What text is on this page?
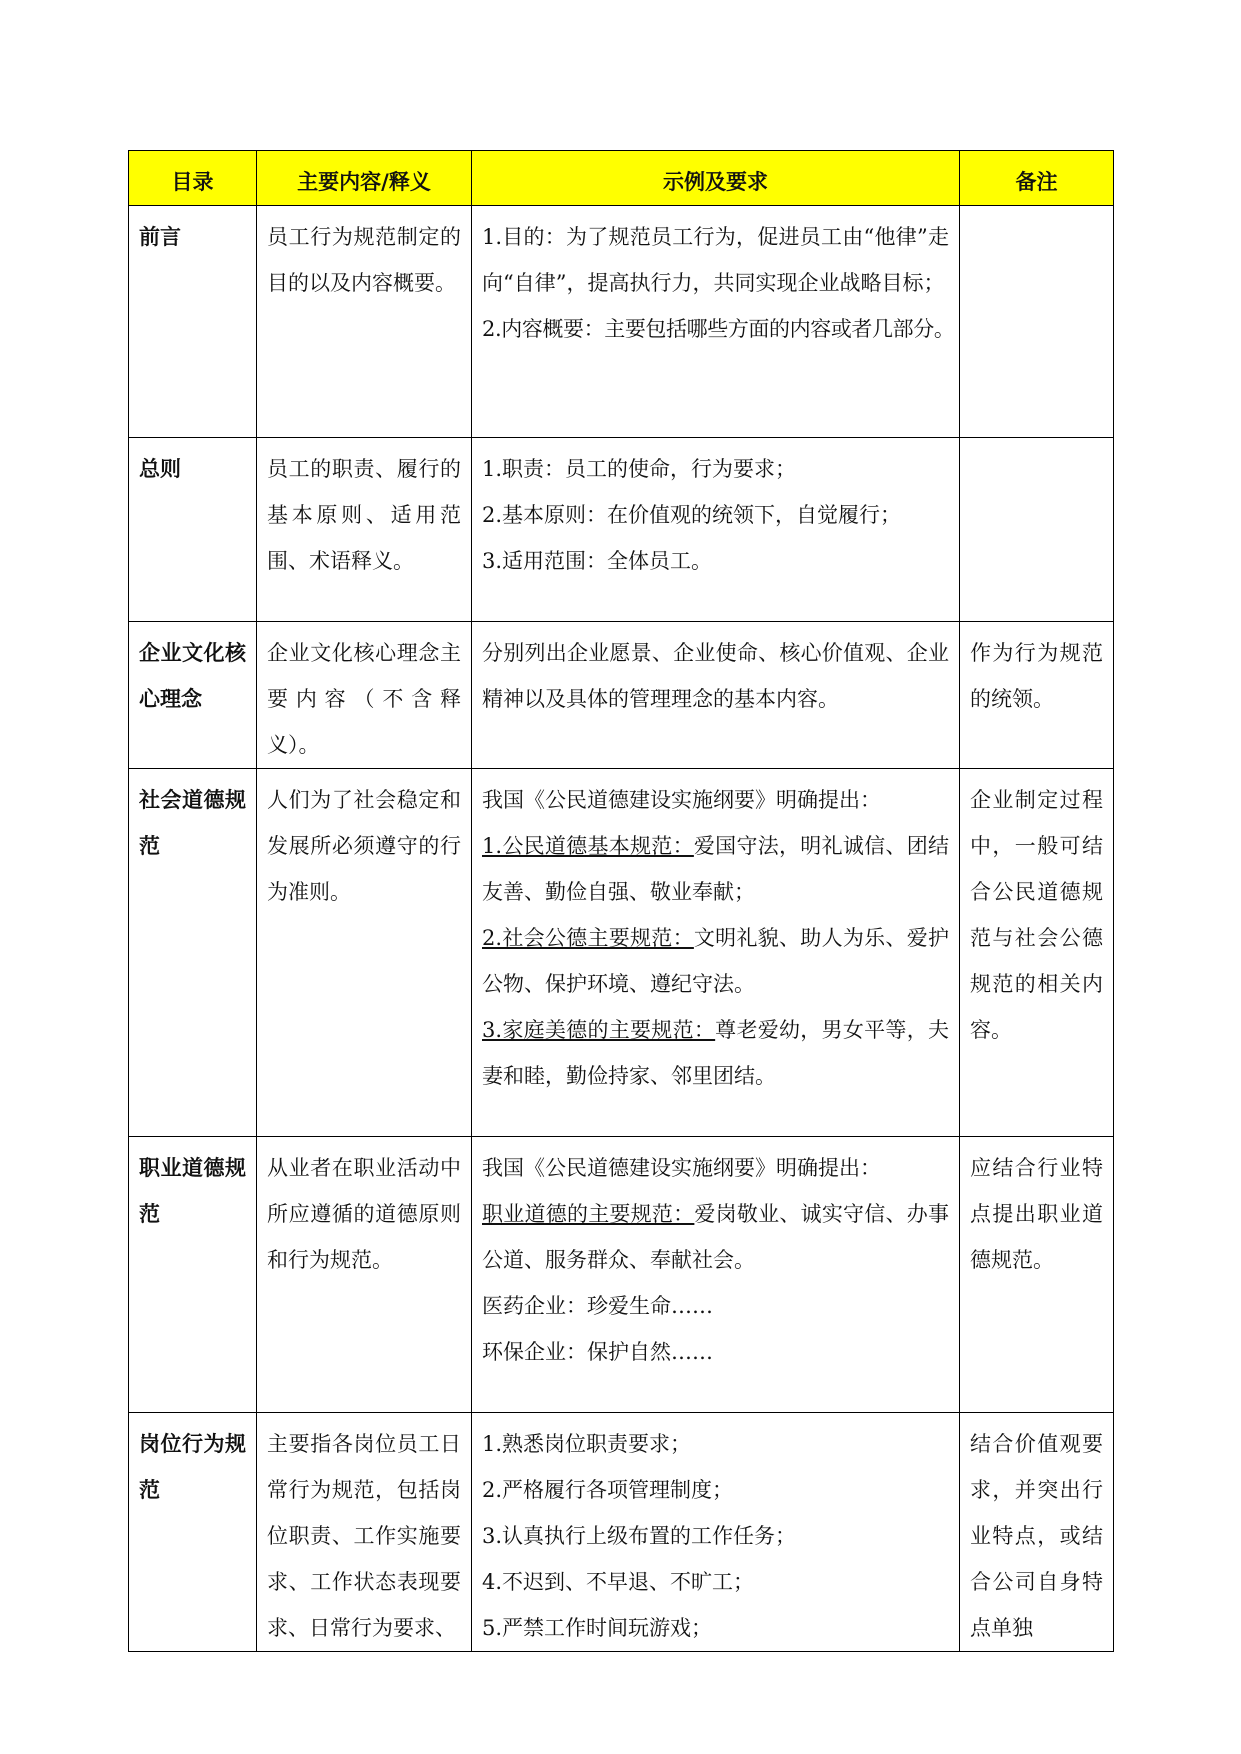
目录	主要内容/释义	示例及要求	备注
前言	员工行为规范制定的目的以及内容概要。	1.目的：为了规范员工行为，促进员工由“他律”走向“自律”，提高执行力，共同实现企业战略目标；
2.内容概要：主要包括哪些方面的内容或者几部分。	

总则	员工的职责、履行的基本原则、适用范围、术语释义。	1.职责：员工的使命，行为要求；
2.基本原则：在价值观的统领下，自觉履行；
3.适用范围：全体员工。	

企业文化核心理念	企业文化核心理念主要内容（不含释义）。	分别列出企业愿景、企业使命、核心价值观、企业精神以及具体的管理理念的基本内容。	作为行为规范的统领。
社会道德规范	人们为了社会稳定和发展所必须遵守的行为准则。	我国《公民道德建设实施纲要》明确提出：
1.公民道德基本规范：爱国守法，明礼诚信、团结友善、勤俭自强、敬业奉献；
2.社会公德主要规范：文明礼貌、助人为乐、爱护公物、保护环境、遵纪守法。
3.家庭美德的主要规范：尊老爱幼，男女平等，夫妻和睦，勤俭持家、邻里团结。	企业制定过程中，一般可结合公民道德规范与社会公德规范的相关内容。
职业道德规范	从业者在职业活动中所应遵循的道德原则和行为规范。	我国《公民道德建设实施纲要》明确提出：
职业道德的主要规范：爱岗敬业、诚实守信、办事公道、服务群众、奉献社会。
医药企业：珍爱生命……
环保企业：保护自然……	应结合行业特点提出职业道德规范。
岗位行为规范	主要指各岗位员工日常行为规范，包括岗位职责、工作实施要求、工作状态表现要求、日常行为要求、	1.熟悉岗位职责要求；
2.严格履行各项管理制度；
3.认真执行上级布置的工作任务；
4.不迟到、不早退、不旷工；
5.严禁工作时间玩游戏；	结合价值观要求，并突出行业特点，或结合公司自身特点单独
